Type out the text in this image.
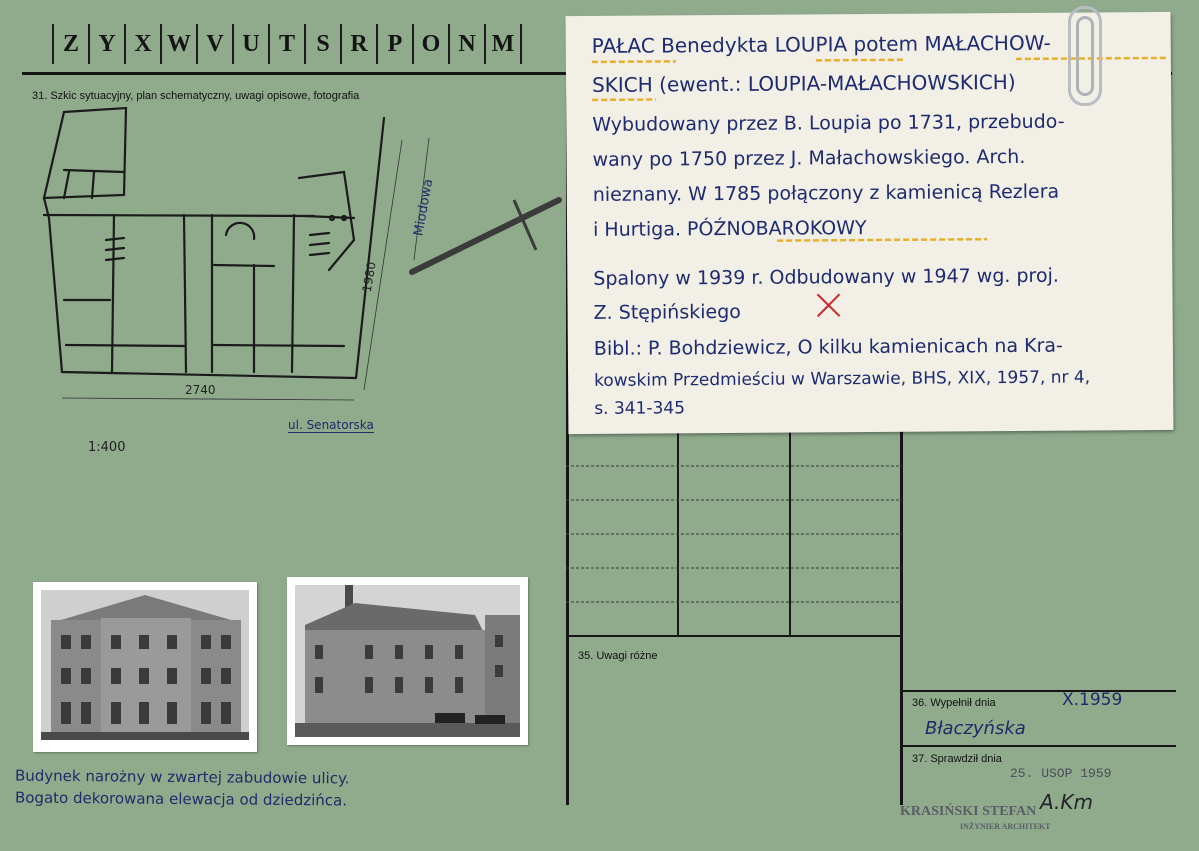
Z Y X W V U T S R P O N M
31. Szkic sytuacyjny, plan schematyczny, uwagi opisowe, fotografia
35. Uwagi różne
36. Wypełnił dnia
37. Sprawdził dnia
Miodowa
1980
2740
ul. Senatorska
1:400
Budynek narożny w zwartej zabudowie ulicy.
Bogato dekorowana elewacja od dziedzińca.
X.1959
Błaczyńska
25. USOP 1959
A.Km
KRASIŃSKI STEFAN
INŻYNIER ARCHITEKT
PAŁAC Benedykta LOUPIA potem MAŁACHOW-
SKICH (ewent.: LOUPIA-MAŁACHOWSKICH)
Wybudowany przez B. Loupia po 1731, przebudo-
wany po 1750 przez J. Małachowskiego. Arch.
nieznany. W 1785 połączony z kamienicą Rezlera
i Hurtiga. PÓŹNOBAROKOWY
Spalony w 1939 r. Odbudowany w 1947 wg. proj.
Z. Stępińskiego
Bibl.: P. Bohdziewicz, O kilku kamienicach na Kra-
kowskim Przedmieściu w Warszawie, BHS, XIX, 1957, nr 4,
s. 341-345
